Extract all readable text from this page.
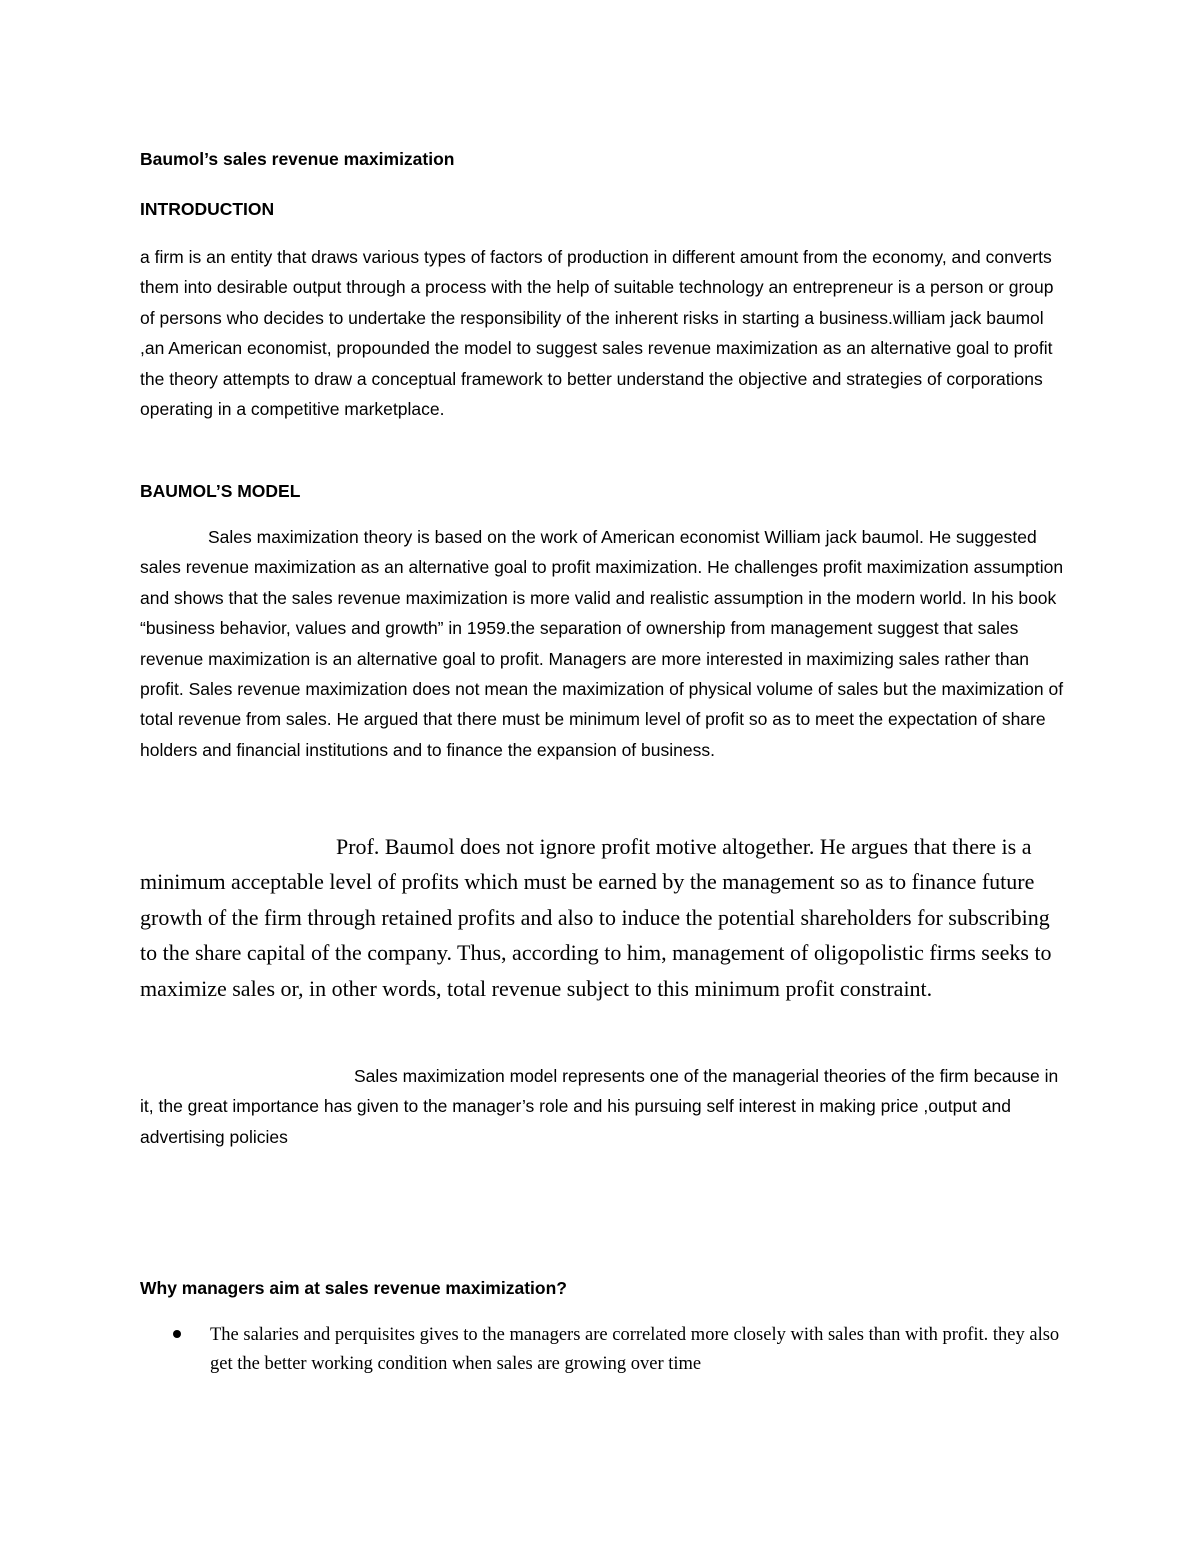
Baumol’s sales revenue maximization
INTRODUCTION

a firm is an entity that draws various types of factors of production in different amount from the economy, and converts them into desirable output through a process with the help of suitable technology an entrepreneur is a person or group of persons who decides to undertake the responsibility of the inherent risks in starting a business.william jack baumol ,an American economist, propounded the model to suggest sales revenue maximization as an alternative goal to profit the theory attempts to draw a conceptual framework to better understand the objective and strategies of corporations operating in a competitive marketplace.

BAUMOL’S MODEL

Sales maximization theory is based on the work of American economist William jack baumol. He suggested sales revenue maximization as an alternative goal to profit maximization. He challenges profit maximization assumption and shows that the sales revenue maximization is more valid and realistic assumption in the modern world. In his book “business behavior, values and growth” in 1959.the separation of ownership from management suggest that sales revenue maximization is an alternative goal to profit. Managers are more interested in maximizing sales rather than profit. Sales revenue maximization does not mean the maximization of physical volume of sales but the maximization of total revenue from sales. He argued that there must be minimum level of profit so as to meet the expectation of share holders and financial institutions and to finance the expansion of business.

Prof. Baumol does not ignore profit motive altogether. He argues that there is a minimum acceptable level of profits which must be earned by the management so as to finance future growth of the firm through retained profits and also to induce the potential shareholders for subscribing to the share capital of the company. Thus, according to him, management of oligopolistic firms seeks to maximize sales or, in other words, total revenue subject to this minimum profit constraint.

Sales maximization model represents one of the managerial theories of the firm because in it, the great importance has given to the manager’s role and his pursuing self interest in making price ,output and advertising policies

Why managers aim at sales revenue maximization?
The salaries and perquisites gives to the managers are correlated more closely with sales than with profit. they also get the better working condition when sales are growing over time
